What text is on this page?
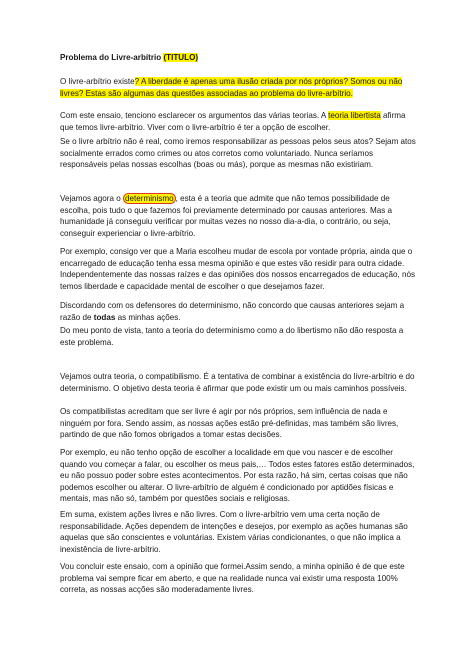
Problema do Livre-arbítrio (TITULO)

O livre-arbítrio existe? A liberdade é apenas uma ilusão criada por nós próprios? Somos ou não livres? Estas são algumas das questões associadas ao problema do livre-arbítrio.

Com este ensaio, tenciono esclarecer os argumentos das várias teorias. A teoria libertista afirma que temos livre-arbítrio. Viver com o livre-arbítrio é ter a opção de escolher.

Se o livre arbítrio não é real, como iremos responsabilizar as pessoas pelos seus atos? Sejam atos socialmente errados como crimes ou atos corretos como voluntariado. Nunca seríamos responsáveis pelas nossas escolhas (boas ou más), porque as mesmas não existiriam.

Vejamos agora o determinismo , esta é a teoria que admite que não temos possibilidade de escolha, pois tudo o que fazemos foi previamente determinado por causas anteriores. Mas a humanidade já conseguiu verificar por muitas vezes no nosso dia-a-dia, o contrário, ou seja, conseguir experienciar o livre-arbítrio.

Por exemplo, consigo ver que a Maria escolheu mudar de escola por vontade própria, ainda que o encarregado de educação tenha essa mesma opinião e que estes vão residir para outra cidade. Independentemente das nossas raízes e das opiniões dos nossos encarregados de educação, nós temos liberdade e capacidade mental de escolher o que desejamos fazer.

Discordando com os defensores do determinismo, não concordo que causas anteriores sejam a razão de todas as minhas ações.

Do meu ponto de vista, tanto a teoria do determinismo como a do libertismo não dão resposta a este problema.

Vejamos outra teoria, o compatibilismo. É a tentativa de combinar a existência do livre-arbítrio e do determinismo. O objetivo desta teoria é afirmar que pode existir um ou mais caminhos possíveis.

Os compatibilistas acreditam que ser livre é agir por nós próprios, sem influência de nada e ninguém por fora. Sendo assim, as nossas ações estão pré-definidas, mas também são livres, partindo de que não fomos obrigados a tomar estas decisões.

Por exemplo, eu não tenho opção de escolher a localidade em que vou nascer e de escolher quando vou começar a falar, ou escolher os meus pais,… Todos estes fatores estão determinados, eu não possuo poder sobre estes acontecimentos. Por esta razão, há sim, certas coisas que não podemos escolher ou alterar. O livre-arbítrio de alguém é condicionado por aptidões físicas e mentais, mas não só, também por questões sociais e religiosas.

Em suma, existem ações livres e não livres. Com o livre-arbítrio vem uma certa noção de responsabilidade. Ações dependem de intenções e desejos, por exemplo as ações humanas são aquelas que são conscientes e voluntárias. Existem várias condicionantes, o que não implica a inexistência de livre-arbítrio.

Vou concluir este ensaio, com a opinião que formei.Assim sendo, a minha opinião é de que este problema vai sempre ficar em aberto, e que na realidade nunca vai existir uma resposta 100% correta, as nossas acções são moderadamente livres.
